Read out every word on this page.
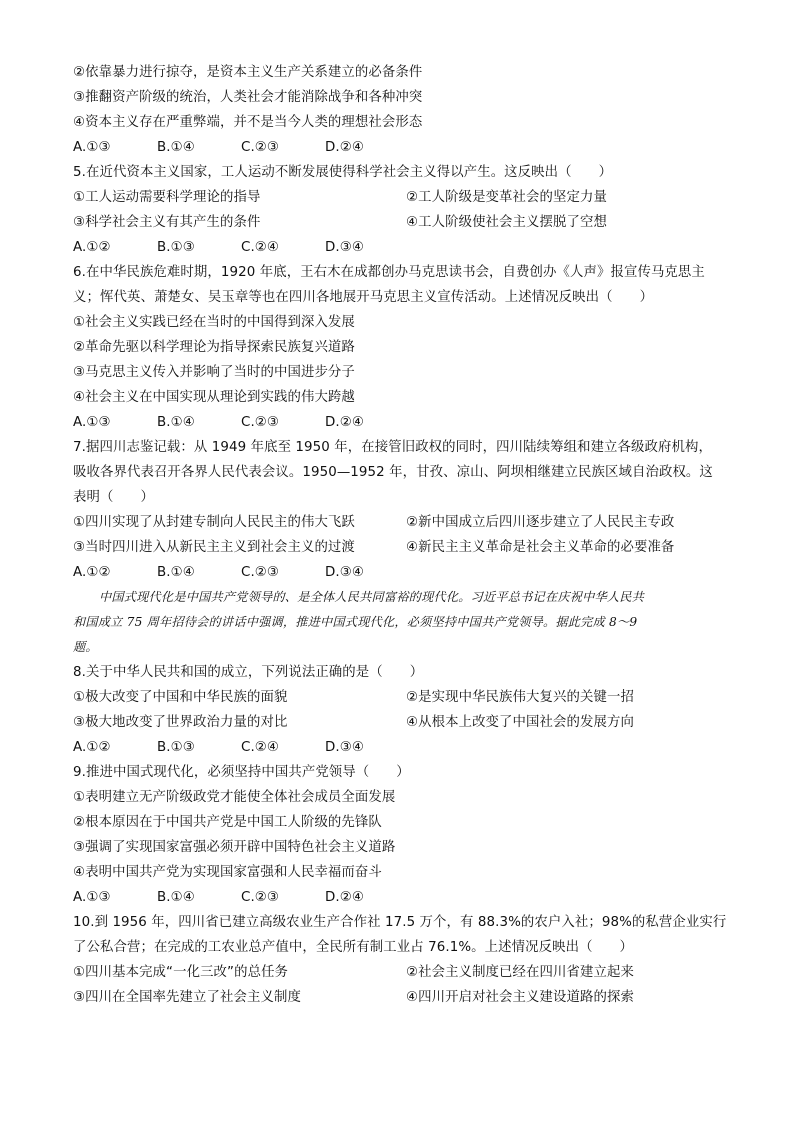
②依靠暴力进行掠夺，是资本主义生产关系建立的必备条件
③推翻资产阶级的统治，人类社会才能消除战争和各种冲突
④资本主义存在严重弊端，并不是当今人类的理想社会形态
A.①③	B.①④	C.②③	D.②④
5.在近代资本主义国家，工人运动不断发展使得科学社会主义得以产生。这反映出（　　）
①工人运动需要科学理论的指导	②工人阶级是变革社会的坚定力量
③科学社会主义有其产生的条件	④工人阶级使社会主义摆脱了空想
A.①②	B.①③	C.②④	D.③④
6.在中华民族危难时期，1920 年底，王右木在成都创办马克思读书会，自费创办《人声》报宣传马克思主
义；恽代英、萧楚女、吴玉章等也在四川各地展开马克思主义宣传活动。上述情况反映出（　　）
①社会主义实践已经在当时的中国得到深入发展
②革命先驱以科学理论为指导探索民族复兴道路
③马克思主义传入并影响了当时的中国进步分子
④社会主义在中国实现从理论到实践的伟大跨越
A.①③	B.①④	C.②③	D.②④
7.据四川志鉴记载：从 1949 年底至 1950 年，在接管旧政权的同时，四川陆续筹组和建立各级政府机构，
吸收各界代表召开各界人民代表会议。1950—1952 年，甘孜、凉山、阿坝相继建立民族区域自治政权。这
表明（　　）
①四川实现了从封建专制向人民民主的伟大飞跃	②新中国成立后四川逐步建立了人民民主专政
③当时四川进入从新民主主义到社会主义的过渡	④新民主主义革命是社会主义革命的必要准备
A.①②	B.①④	C.②③	D.③④
中国式现代化是中国共产党领导的、是全体人民共同富裕的现代化。习近平总书记在庆祝中华人民共
和国成立 75 周年招待会的讲话中强调，推进中国式现代化，必须坚持中国共产党领导。据此完成 8～9
题。
8.关于中华人民共和国的成立，下列说法正确的是（　　）
①极大改变了中国和中华民族的面貌	②是实现中华民族伟大复兴的关键一招
③极大地改变了世界政治力量的对比	④从根本上改变了中国社会的发展方向
A.①②	B.①③	C.②④	D.③④
9.推进中国式现代化，必须坚持中国共产党领导（　　）
①表明建立无产阶级政党才能使全体社会成员全面发展
②根本原因在于中国共产党是中国工人阶级的先锋队
③强调了实现国家富强必须开辟中国特色社会主义道路
④表明中国共产党为实现国家富强和人民幸福而奋斗
A.①③	B.①④	C.②③	D.②④
10.到 1956 年，四川省已建立高级农业生产合作社 17.5 万个，有 88.3%的农户入社；98%的私营企业实行
了公私合营；在完成的工农业总产值中，全民所有制工业占 76.1%。上述情况反映出（　　）
①四川基本完成“一化三改”的总任务	②社会主义制度已经在四川省建立起来
③四川在全国率先建立了社会主义制度	④四川开启对社会主义建设道路的探索
